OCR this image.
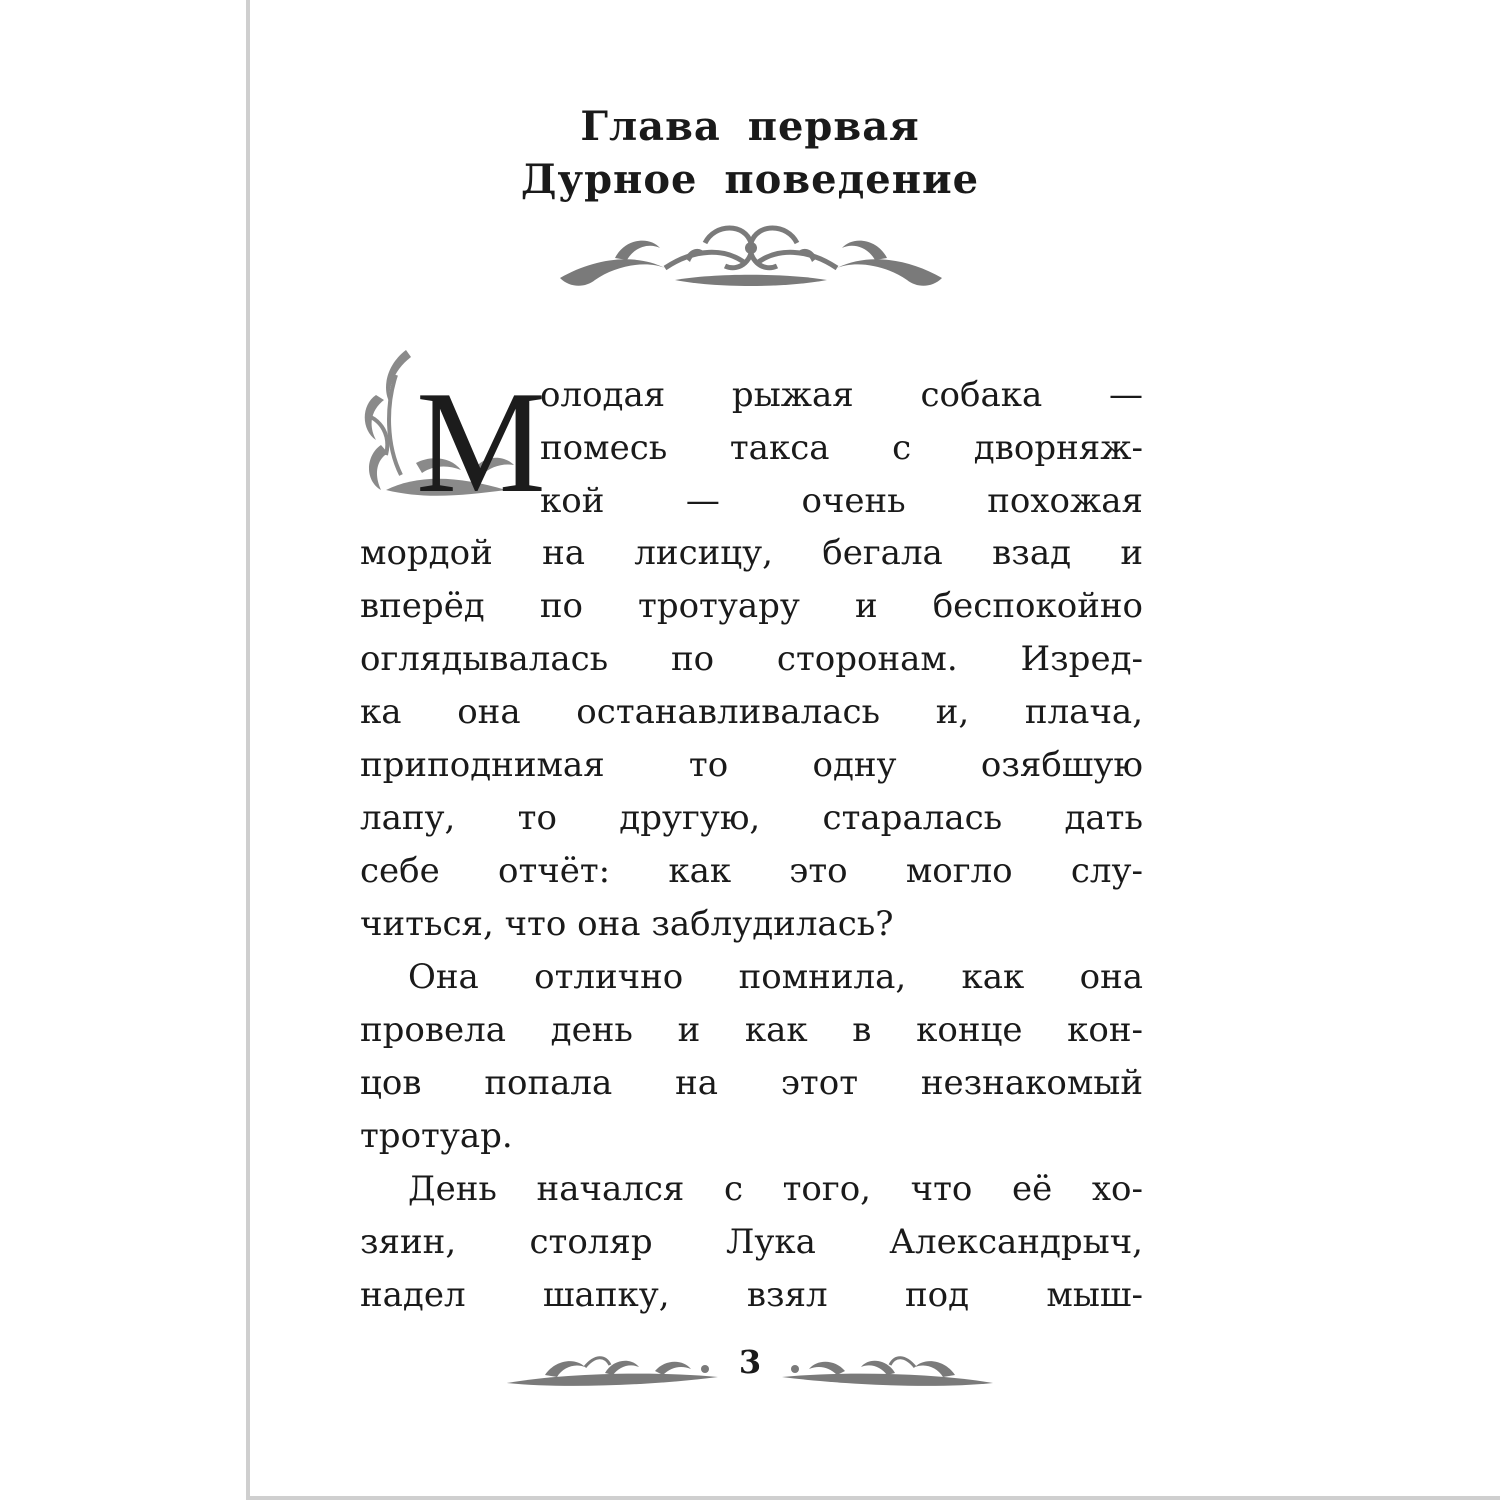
Глава первая
Дурное поведение
М
олодая рыжая собака —
помесь такса с дворняж-
кой — очень похожая
мордой на лисицу, бегала взад и
вперёд по тротуару и беспокойно
оглядывалась по сторонам. Изред-
ка она останавливалась и, плача,
приподнимая то одну озябшую
лапу, то другую, старалась дать
себе отчёт: как это могло слу-
читься, что она заблудилась?
Она отлично помнила, как она
провела день и как в конце кон-
цов попала на этот незнакомый
тротуар.
День начался с того, что её хо-
зяин, столяр Лука Александрыч,
надел шапку, взял под мыш-
3
